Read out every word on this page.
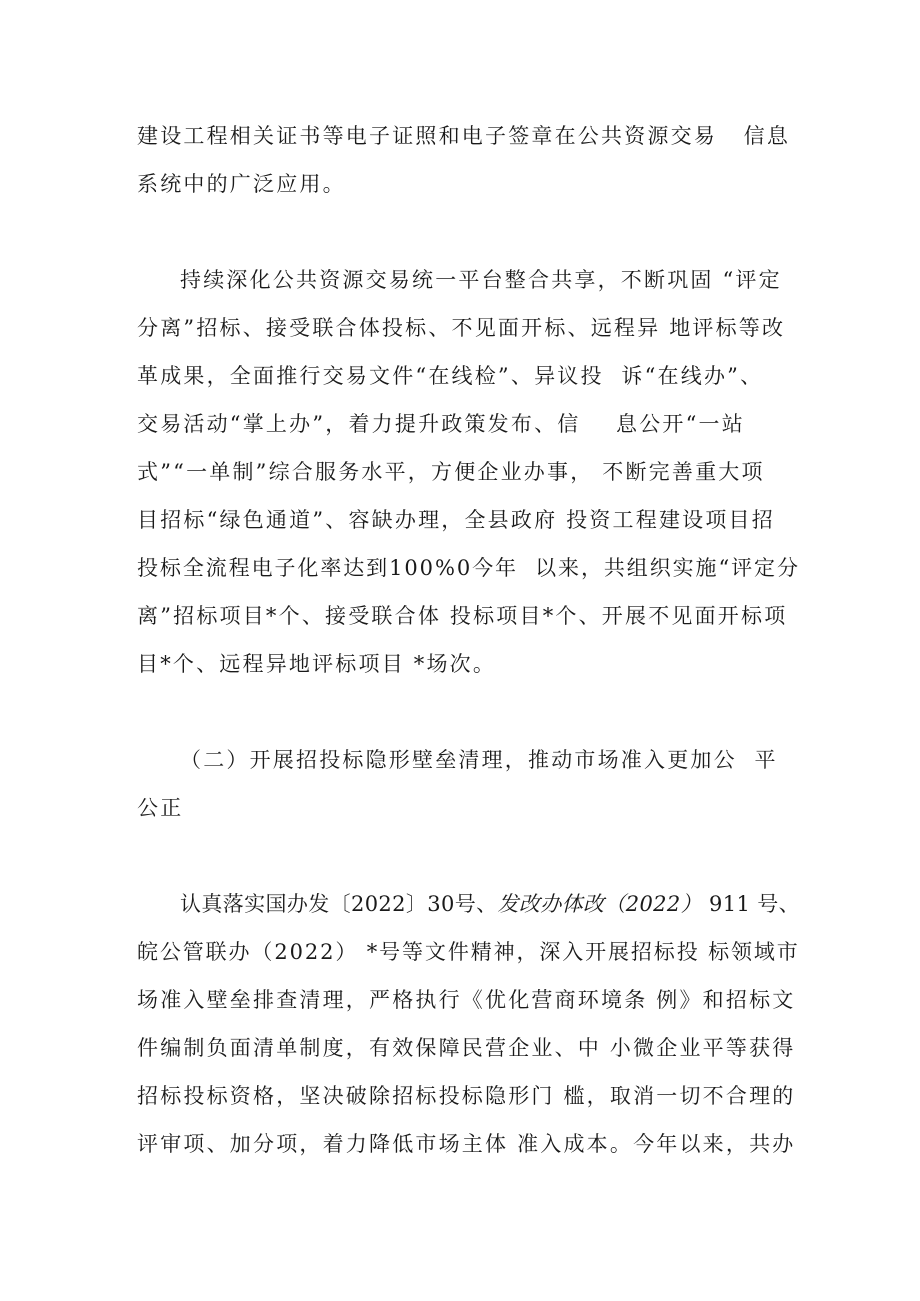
建设工程相关证书等电子证照和电子签章在公共资源交易   信息
系统中的广泛应用。
持续深化公共资源交易统一平台整合共享，不断巩固 “评定
分离”招标、接受联合体投标、不见面开标、远程异 地评标等改
革成果，全面推行交易文件“在线检”、异议投  诉“在线办”、
交易活动“掌上办”，着力提升政策发布、信    息公开“一站
式”“一单制”综合服务水平，方便企业办事， 不断完善重大项
目招标“绿色通道”、容缺办理，全县政府 投资工程建设项目招
投标全流程电子化率达到100%0今年  以来，共组织实施“评定分
离”招标项目*个、接受联合体 投标项目*个、开展不见面开标项
目*个、远程异地评标项目 *场次。
（二）开展招投标隐形壁垒清理，推动市场准入更加公  平
公正
认真落实国办发〔2022〕30号、发改办体改（2022） 911 号、
皖公管联办（2022） *号等文件精神，深入开展招标投 标领域市
场准入壁垒排查清理，严格执行《优化营商环境条 例》和招标文
件编制负面清单制度，有效保障民营企业、中 小微企业平等获得
招标投标资格，坚决破除招标投标隐形门 槛，取消一切不合理的
评审项、加分项，着力降低市场主体 准入成本。今年以来，共办
